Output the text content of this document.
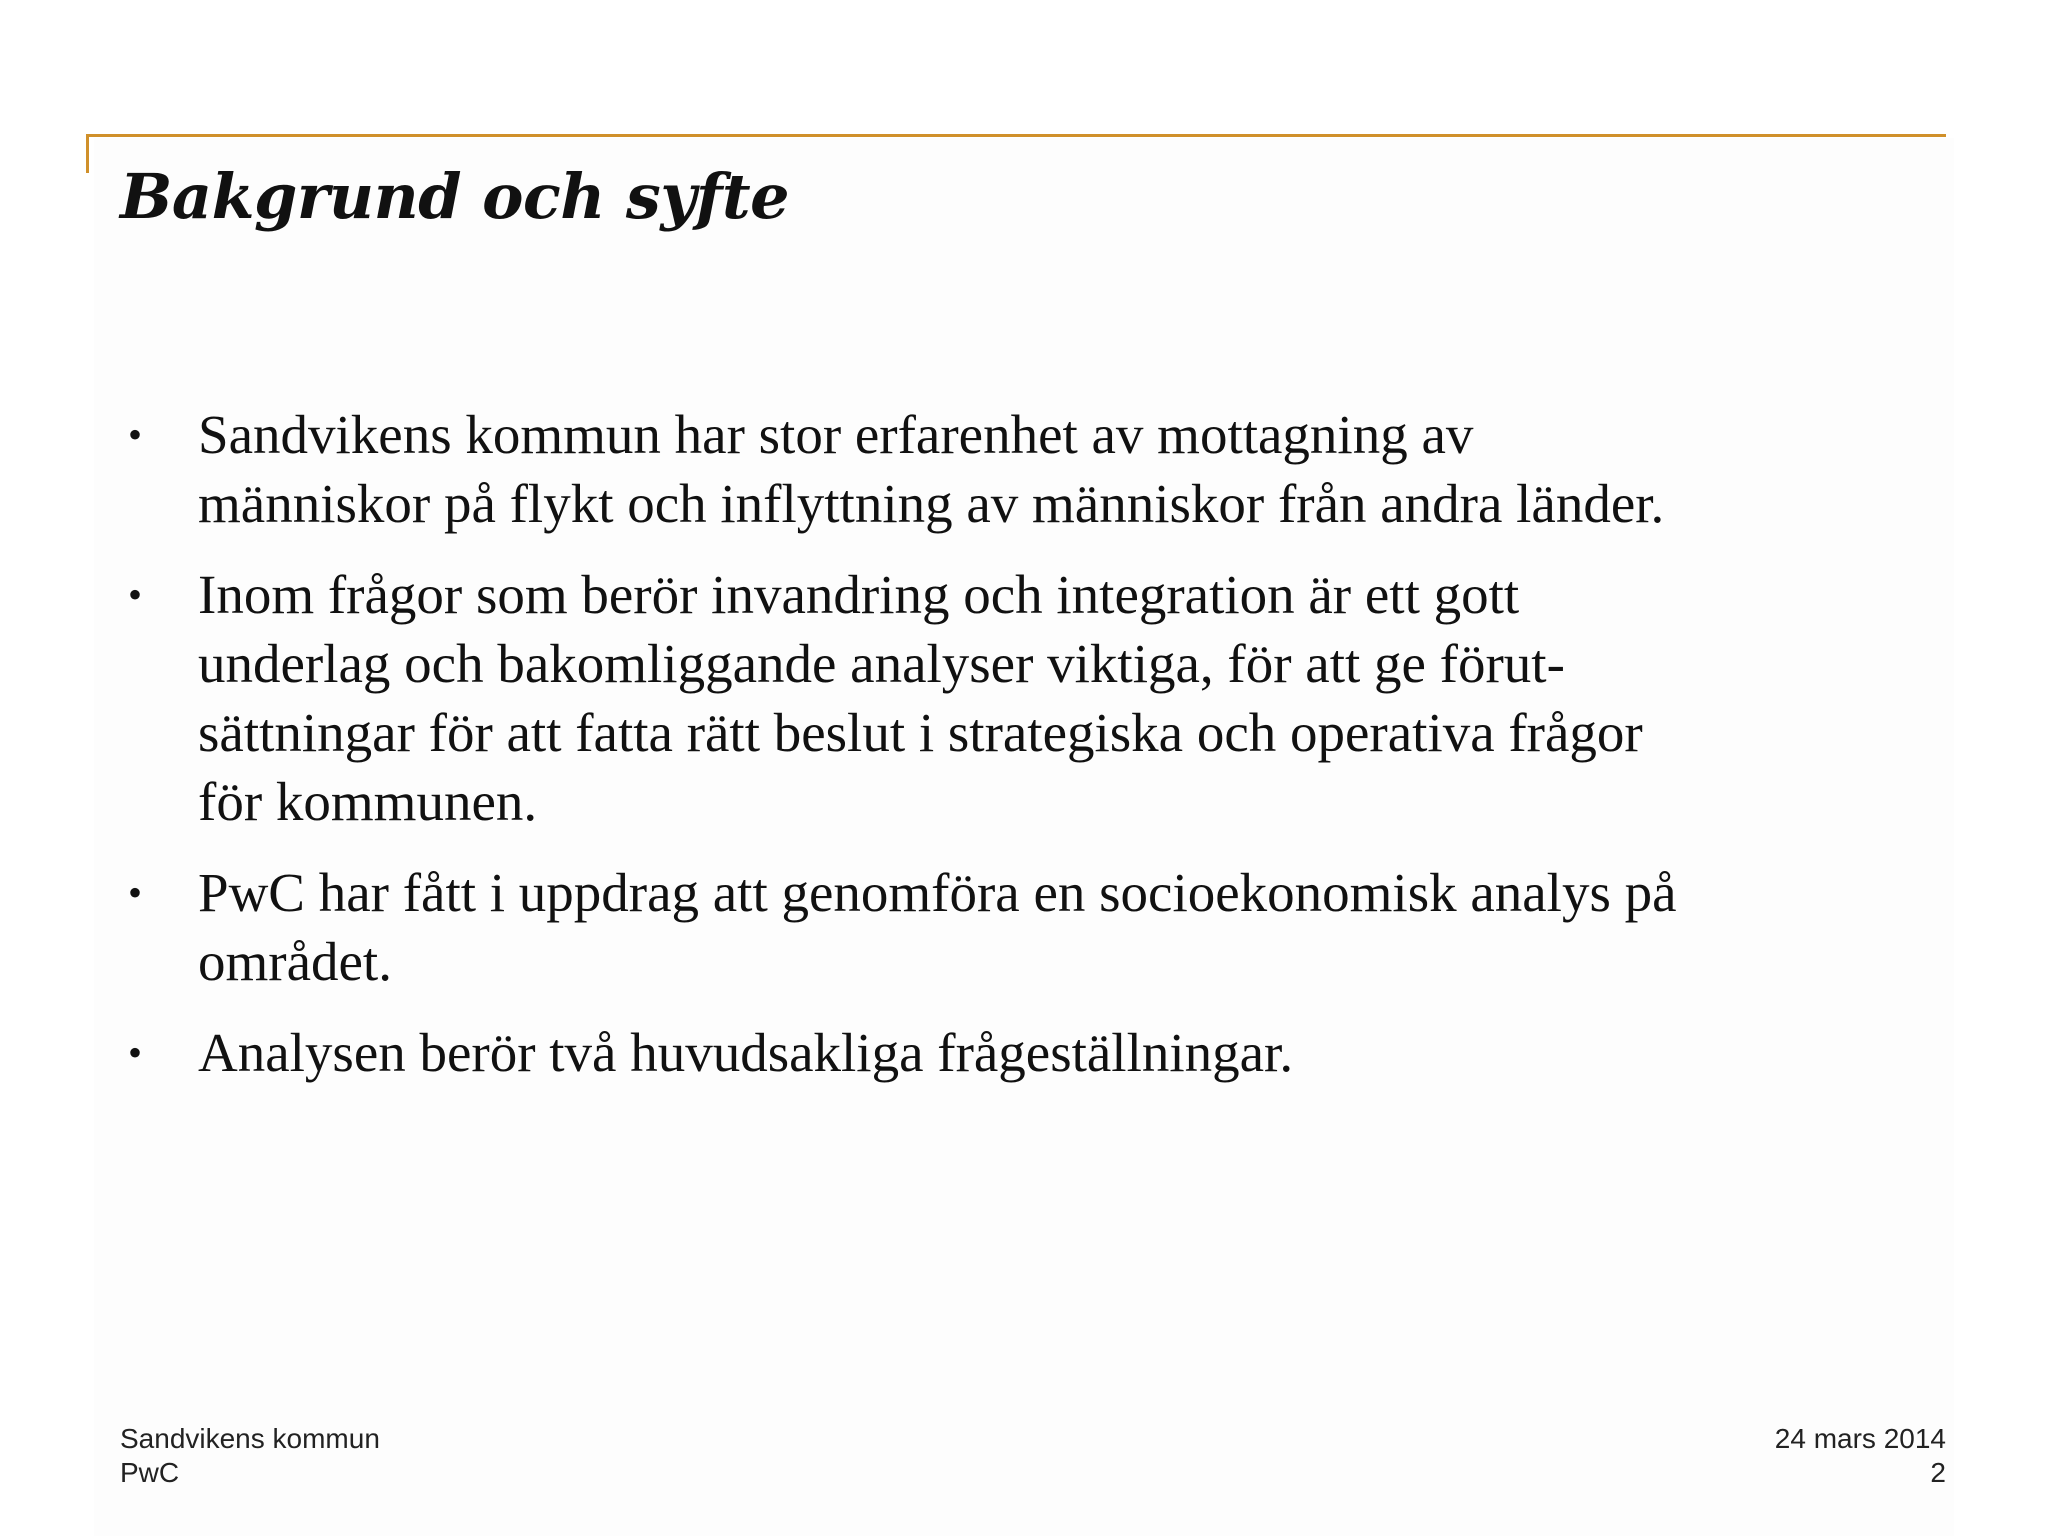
Bakgrund och syfte
• Sandvikens kommun har stor erfarenhet av mottagning av
människor på flykt och inflyttning av människor från andra länder.
• Inom frågor som berör invandring och integration är ett gott
underlag och bakomliggande analyser viktiga, för att ge förut-
sättningar för att fatta rätt beslut i strategiska och operativa frågor
för kommunen.
• PwC har fått i uppdrag att genomföra en socioekonomisk analys på
området.
• Analysen berör två huvudsakliga frågeställningar.
Sandvikens kommun
PwC
24 mars 2014
2
